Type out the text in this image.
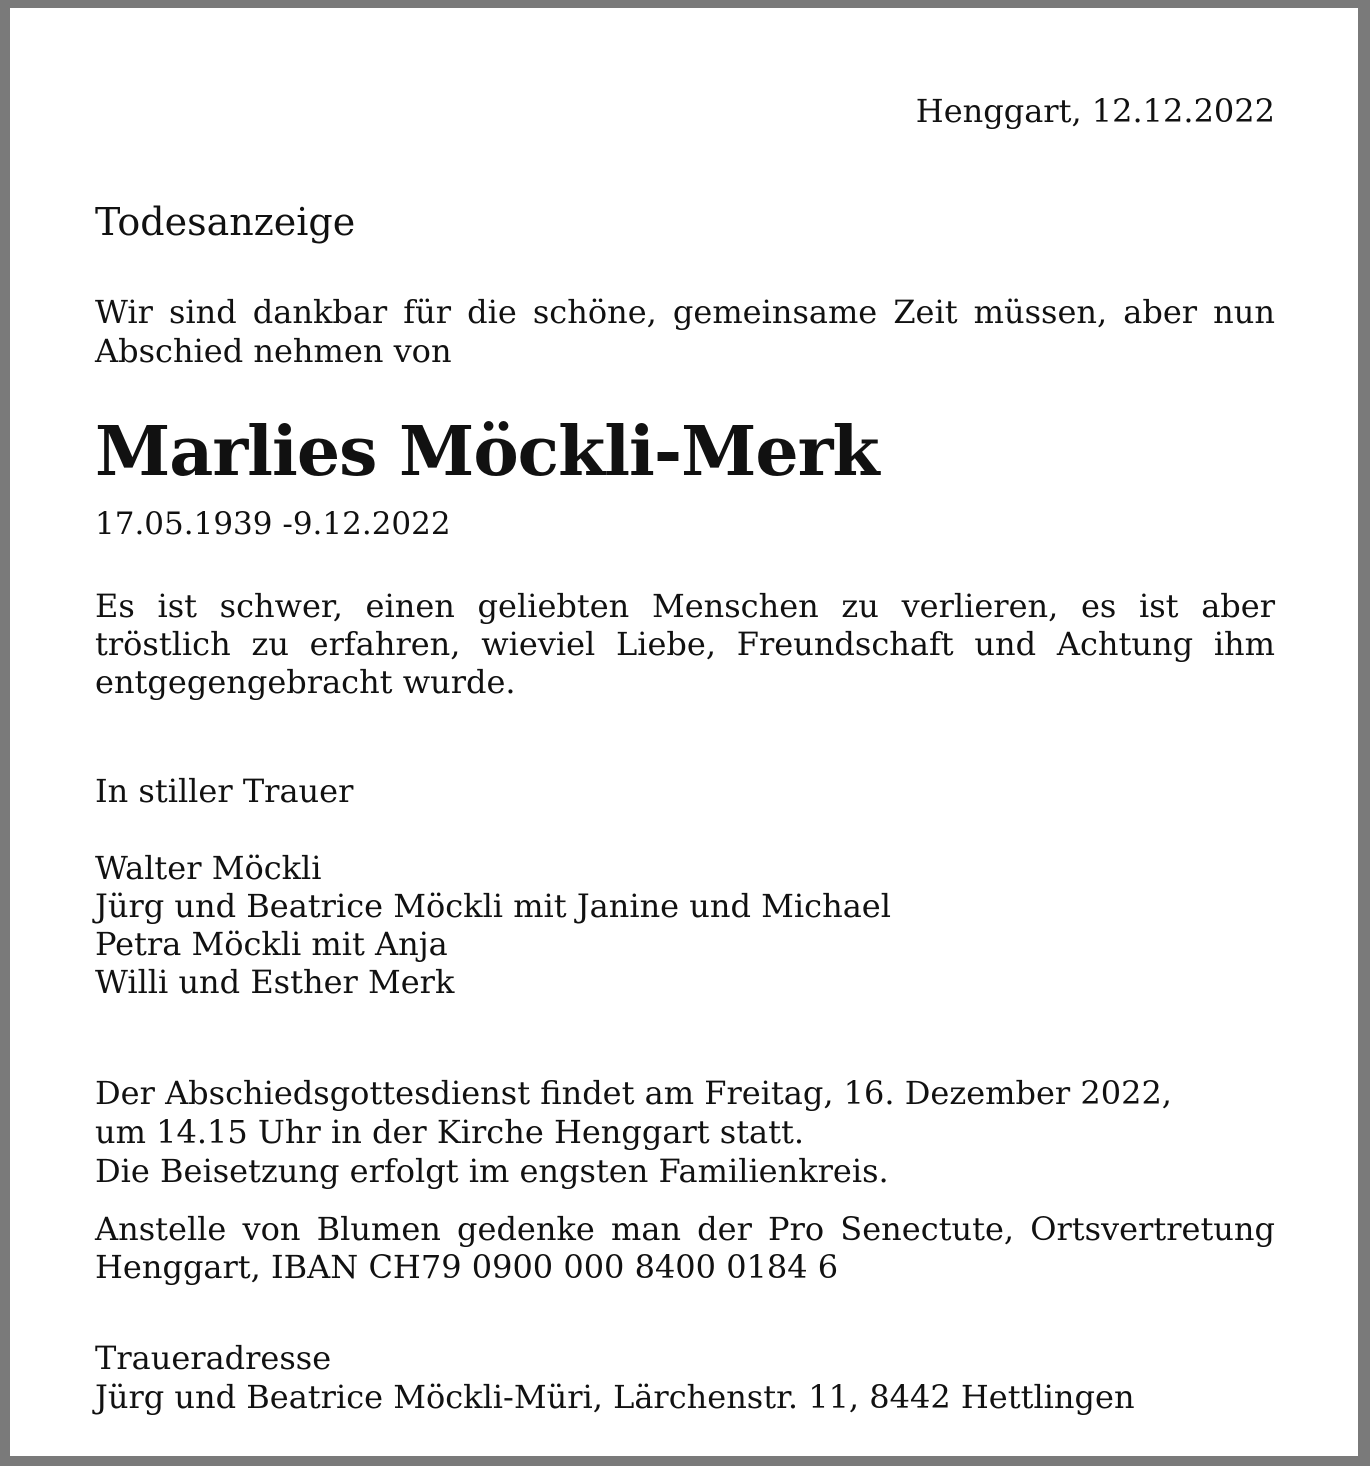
Henggart, 12.12.2022
Todesanzeige
Wir sind dankbar für die schöne, gemeinsame Zeit müssen, aber nun Abschied nehmen von
Marlies Möckli-Merk
17.05.1939 -9.12.2022
Es ist schwer, einen geliebten Menschen zu verlieren, es ist aber tröstlich zu erfahren, wieviel Liebe, Freundschaft und Achtung ihm entgegengebracht wurde.
In stiller Trauer
Walter Möckli
Jürg und Beatrice Möckli mit Janine und Michael
Petra Möckli mit Anja
Willi und Esther Merk
Der Abschiedsgottesdienst findet am Freitag, 16. Dezember 2022,
um 14.15 Uhr in der Kirche Henggart statt.
Die Beisetzung erfolgt im engsten Familienkreis.
Anstelle von Blumen gedenke man der Pro Senectute, Ortsvertretung Henggart, IBAN CH79 0900 000 8400 0184 6
Traueradresse
Jürg und Beatrice Möckli-Müri, Lärchenstr. 11, 8442 Hettlingen
